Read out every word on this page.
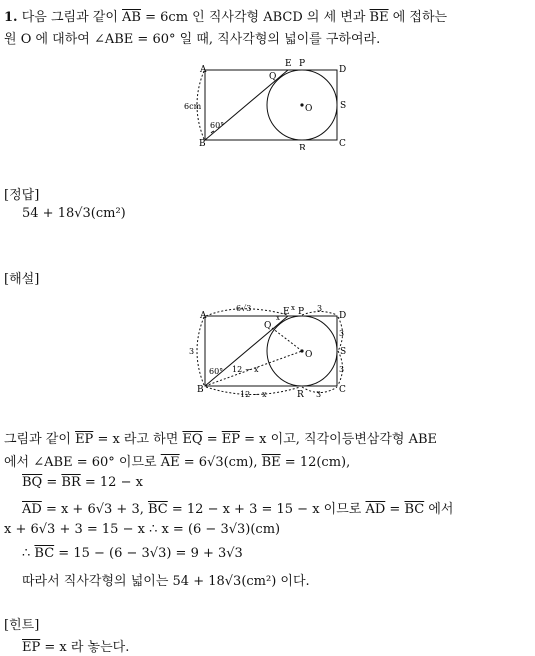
1. 다음 그림과 같이 $\overline{AB} = 6cm$ 인 직사각형 ABCD 의 세 변과 $\overline{BE}$ 에 접하는
원 O 에 대하여 ∠ABE = 60° 일 때, 직사각형의 넓이를 구하여라.
A
B	C
D
E P
Q
R
S
O
6cm
60°
[정답]
54 + 18√3(cm²)
[해설]
A
B	C
D
E P
Q
R
S
O
6√3	3
3
3
3
12 − x	3
12 − x
x
x
60°
그림과 같이 $\overline{EP} = x$ 라고 하면 $\overline{EQ} = \overline{EP} = x$ 이고, 직각이등변삼각형 ABE
에서 ∠ABE = 60° 이므로 $\overline{AE} = 6√3(cm)$, $\overline{BE} = 12(cm)$,
$\overline{BQ} = \overline{BR} = 12 - x$
$\overline{AD} = x + 6√3 + 3$, $\overline{BC} = 12 - x + 3 = 15 - x$ 이므로 $\overline{AD} = \overline{BC}$ 에서
x + 6√3 + 3 = 15 − x ∴ x = (6 − 3√3)(cm)
∴ $\overline{BC} = 15 - (6 - 3√3) = 9 + 3√3$
따라서 직사각형의 넓이는 54 + 18√3(cm²) 이다.
[힌트]
$\overline{EP} = x$ 라 놓는다.
